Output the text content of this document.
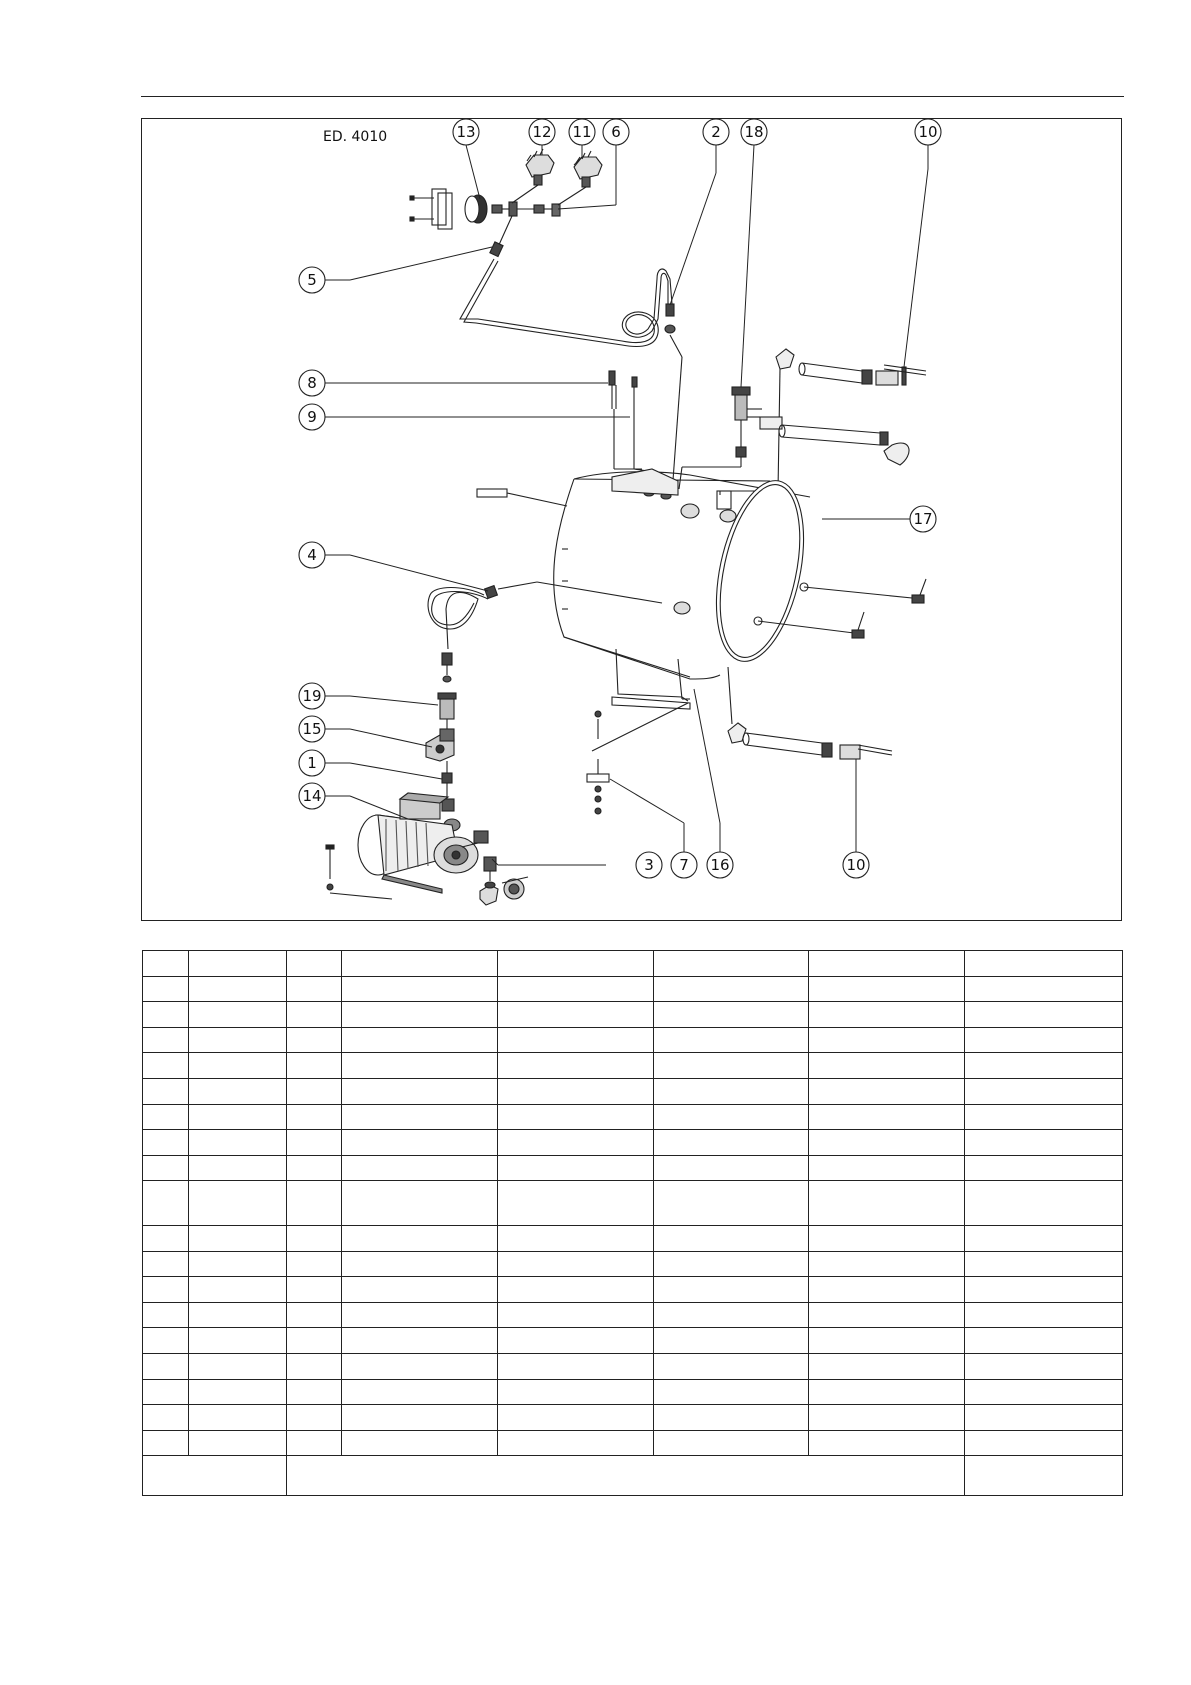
ED. 4010	13	12 11 6	2 18	10
5
8
9
17
4
19
15
1
14
3 7 16	10
